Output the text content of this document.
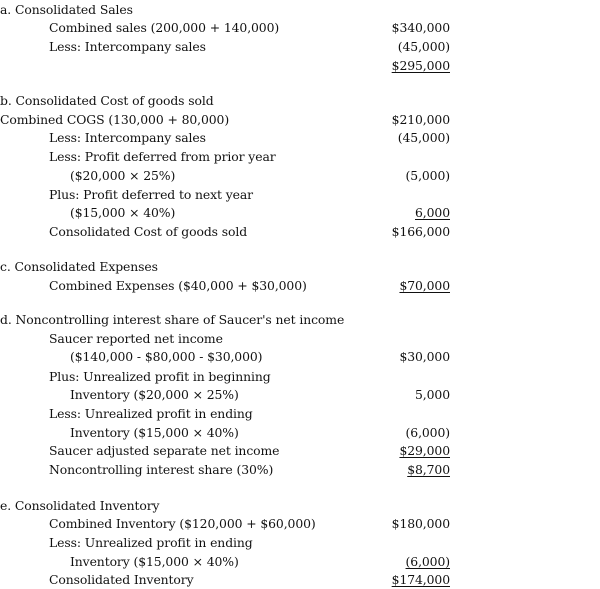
a. Consolidated Sales
Combined sales (200,000 + 140,000)	$340,000
Less: Intercompany sales	(45,000)
$295,000
b. Consolidated Cost of goods sold
Combined COGS (130,000 + 80,000)	$210,000
Less: Intercompany sales	(45,000)
Less: Profit deferred from prior year
($20,000 × 25%)	(5,000)
Plus: Profit deferred to next year
($15,000 × 40%)	6,000
Consolidated Cost of goods sold	$166,000
c. Consolidated Expenses
Combined Expenses ($40,000 + $30,000)	$70,000
d. Noncontrolling interest share of Saucer's net income
Saucer reported net income
($140,000 - $80,000 - $30,000)	$30,000
Plus: Unrealized profit in beginning
Inventory ($20,000 × 25%)	5,000
Less: Unrealized profit in ending
Inventory ($15,000 × 40%)	(6,000)
Saucer adjusted separate net income	$29,000
Noncontrolling interest share (30%)	$8,700
e. Consolidated Inventory
Combined Inventory ($120,000 + $60,000)	$180,000
Less: Unrealized profit in ending
Inventory ($15,000 × 40%)	(6,000)
Consolidated Inventory	$174,000
